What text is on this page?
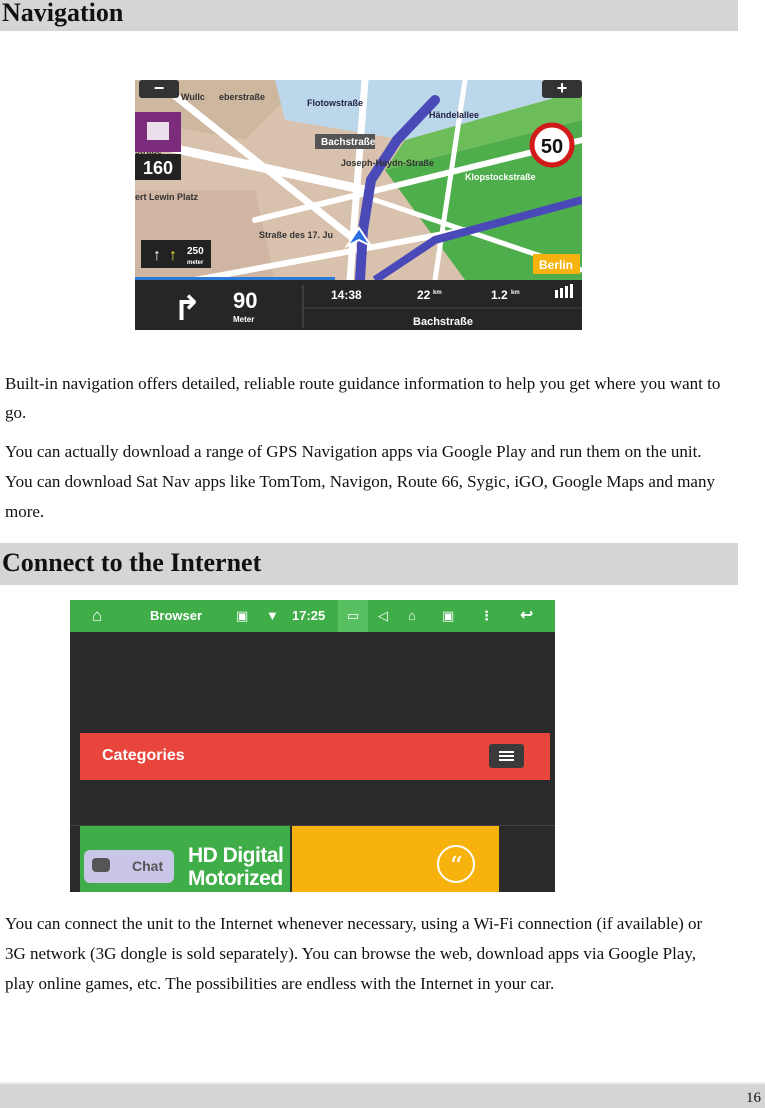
Navigation
−	+
Wullc eberstraße
Flotowstraße
Händelallee
Bachstraße
Joseph-Haydn-Straße
Klopstockstraße
ert Lewin Platz
Straße des 17. Ju
160
50
↑ ↑ 250
meter	Berlin
↱ 90
Meter
14:38	22 km	1.2 km
Bachstraße

Built-in navigation offers detailed, reliable route guidance information to help you get where you want to go.

You can actually download a range of GPS Navigation apps via Google Play and run them on the unit. You can download Sat Nav apps like TomTom, Navigon, Route 66, Sygic, iGO, Google Maps and many more.

Connect to the Internet
⌂	Browser	▣ ▼ 17:25	▭	◁ ⌂ ▣ ⋮ ↩
Categories
HD Digital
Motorized	“
Chat

You can connect the unit to the Internet whenever necessary, using a Wi-Fi connection (if available) or 3G network (3G dongle is sold separately). You can browse the web, download apps via Google Play, play online games, etc. The possibilities are endless with the Internet in your car.

16
